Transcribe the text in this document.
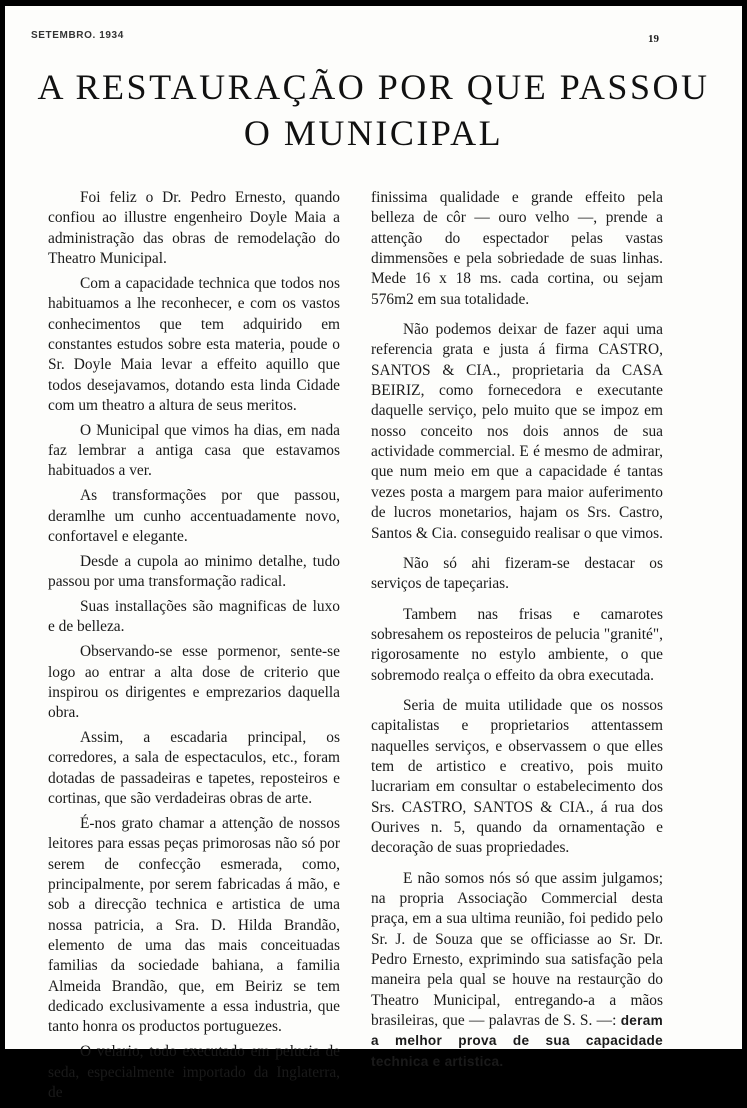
SETEMBRO. 1934	19
A RESTAURAÇÃO POR QUE PASSOU
O MUNICIPAL

Foi feliz o Dr. Pedro Ernesto, quando confiou ao illustre engenheiro Doyle Maia a administração das obras de remodelação do Theatro Municipal.

Com a capacidade technica que todos nos habituamos a lhe reconhecer, e com os vastos conhecimentos que tem adquirido em constantes estudos sobre esta materia, poude o Sr. Doyle Maia levar a effeito aquillo que todos desejavamos, dotando esta linda Cidade com um theatro a altura de seus meritos.

O Municipal que vimos ha dias, em nada faz lembrar a antiga casa que estavamos habituados a ver.

As transformações por que passou, deramlhe um cunho accentuadamente novo, confortavel e elegante.

Desde a cupola ao minimo detalhe, tudo passou por uma transformação radical.

Suas installações são magnificas de luxo e de belleza.

Observando-se esse pormenor, sente-se logo ao entrar a alta dose de criterio que inspirou os dirigentes e emprezarios daquella obra.

Assim, a escadaria principal, os corredores, a sala de espectaculos, etc., foram dotadas de passadeiras e tapetes, reposteiros e cortinas, que são verdadeiras obras de arte.

É-nos grato chamar a attenção de nossos leitores para essas peças primorosas não só por serem de confecção esmerada, como, principalmente, por serem fabricadas á mão, e sob a direcção technica e artistica de uma nossa patricia, a Sra. D. Hilda Brandão, elemento de uma das mais conceituadas familias da sociedade bahiana, a familia Almeida Brandão, que, em Beiriz se tem dedicado exclusivamente a essa industria, que tanto honra os productos portuguezes.

O velario, todo executado em pelucia de seda, especialmente importado da Inglaterra, de

finissima qualidade e grande effeito pela belleza de côr — ouro velho —, prende a attenção do espectador pelas vastas dimmensões e pela sobriedade de suas linhas. Mede 16 x 18 ms. cada cortina, ou sejam 576m2 em sua totalidade.

Não podemos deixar de fazer aqui uma referencia grata e justa á firma CASTRO, SANTOS & CIA., proprietaria da CASA BEIRIZ, como fornecedora e executante daquelle serviço, pelo muito que se impoz em nosso conceito nos dois annos de sua actividade commercial. E é mesmo de admirar, que num meio em que a capacidade é tantas vezes posta a margem para maior auferimento de lucros monetarios, hajam os Srs. Castro, Santos & Cia. conseguido realisar o que vimos.

Não só ahi fizeram-se destacar os serviços de tapeçarias.

Tambem nas frisas e camarotes sobresahem os reposteiros de pelucia "granité", rigorosamente no estylo ambiente, o que sobremodo realça o effeito da obra executada.

Seria de muita utilidade que os nossos capitalistas e proprietarios attentassem naquelles serviços, e observassem o que elles tem de artistico e creativo, pois muito lucrariam em consultar o estabelecimento dos Srs. CASTRO, SANTOS & CIA., á rua dos Ourives n. 5, quando da ornamentação e decoração de suas propriedades.

E não somos nós só que assim julgamos; na propria Associação Commercial desta praça, em a sua ultima reunião, foi pedido pelo Sr. J. de Souza que se officiasse ao Sr. Dr. Pedro Ernesto, exprimindo sua satisfação pela maneira pela qual se houve na restaurção do Theatro Municipal, entregando-a a mãos brasileiras, que — palavras de S. S. —: deram a melhor prova de sua capacidade technica e artistica.
